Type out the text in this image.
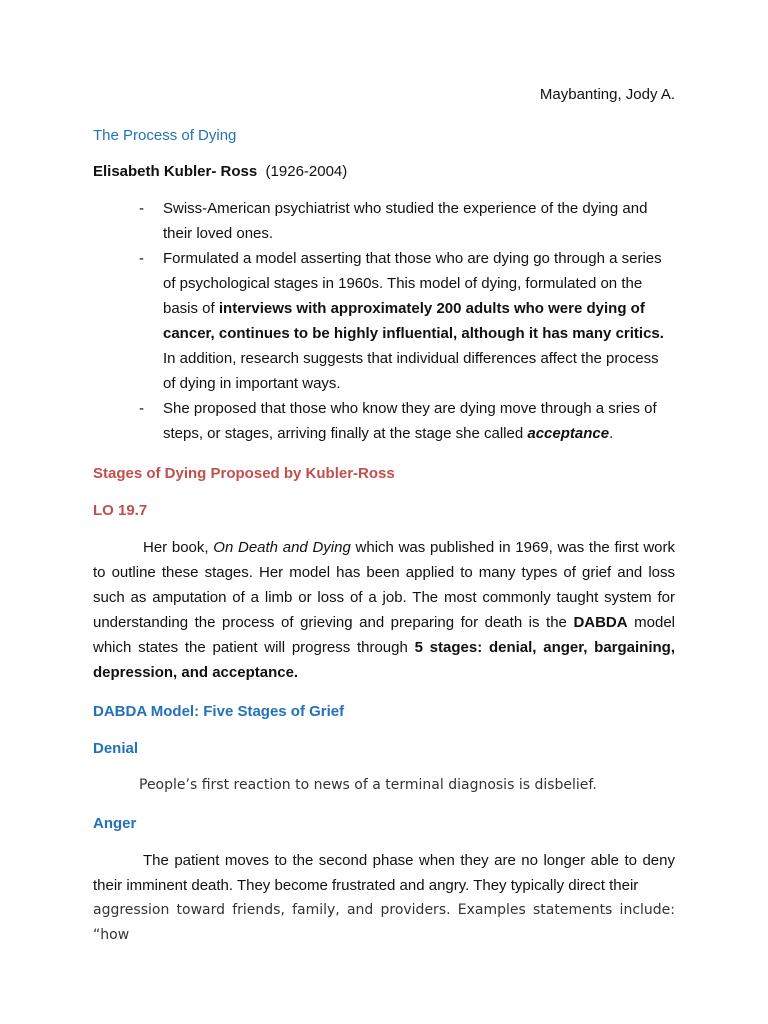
Maybanting, Jody A.
The Process of Dying
Elisabeth Kubler- Ross (1926-2004)
- Swiss-American psychiatrist who studied the experience of the dying and their loved ones.
- Formulated a model asserting that those who are dying go through a series of psychological stages in 1960s. This model of dying, formulated on the basis of interviews with approximately 200 adults who were dying of cancer, continues to be highly influential, although it has many critics. In addition, research suggests that individual differences affect the process of dying in important ways.
- She proposed that those who know they are dying move through a sries of steps, or stages, arriving finally at the stage she called acceptance.
Stages of Dying Proposed by Kubler-Ross
LO 19.7

Her book, On Death and Dying which was published in 1969, was the first work to outline these stages. Her model has been applied to many types of grief and loss such as amputation of a limb or loss of a job. The most commonly taught system for understanding the process of grieving and preparing for death is the DABDA model which states the patient will progress through 5 stages: denial, anger, bargaining, depression, and acceptance.

DABDA Model: Five Stages of Grief
Denial

People’s first reaction to news of a terminal diagnosis is disbelief.

Anger

The patient moves to the second phase when they are no longer able to deny their imminent death. They become frustrated and angry. They typically direct their

aggression toward friends, family, and providers. Examples statements include: “how
